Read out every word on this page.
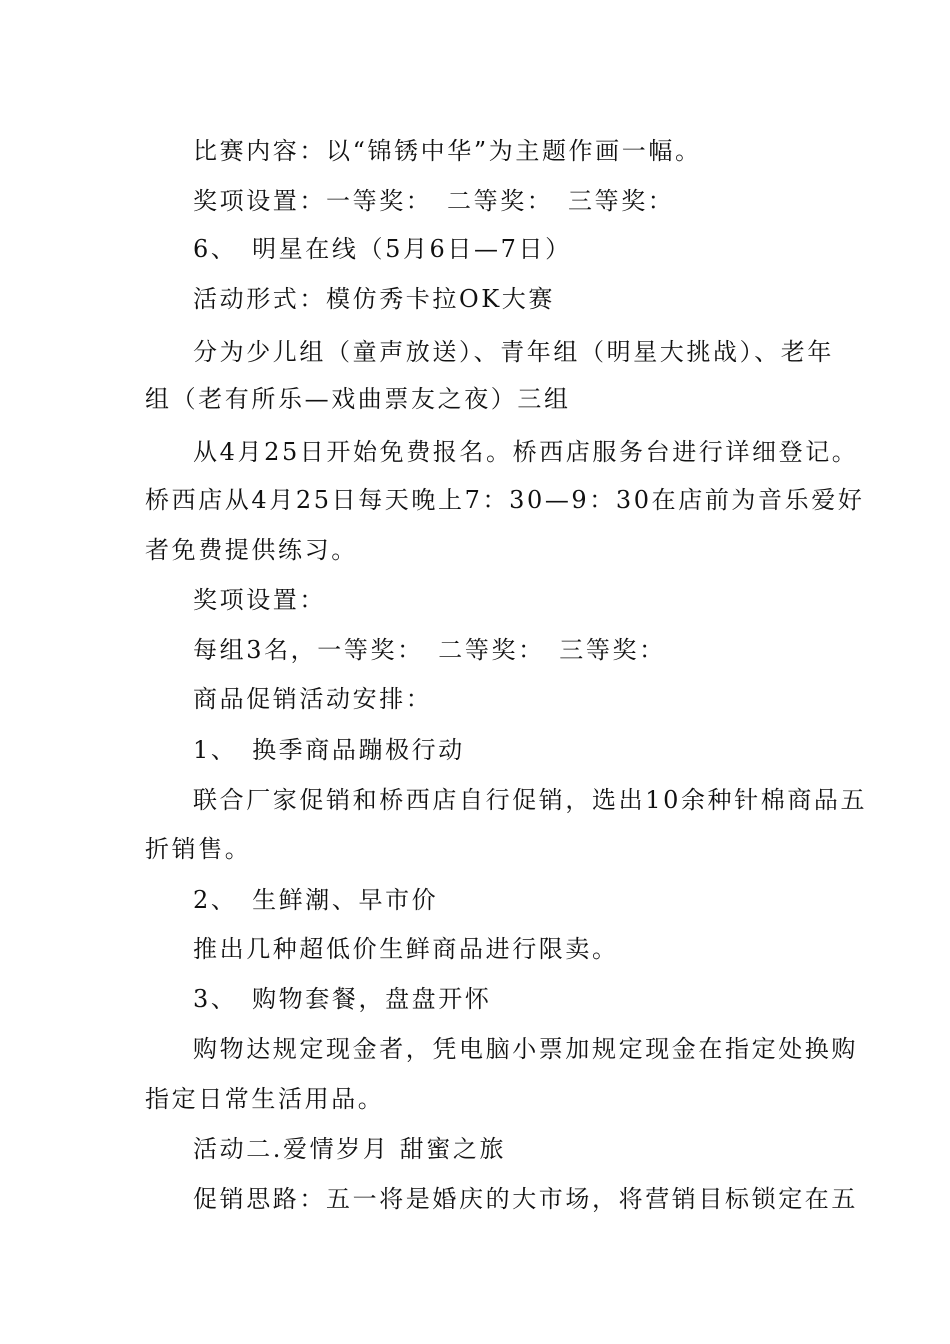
比赛内容：以“锦锈中华”为主题作画一幅。
奖项设置：一等奖：　二等奖：　三等奖：
6、　明星在线（5月6日—7日）
活动形式：模仿秀卡拉OK大赛
分为少儿组（童声放送）、青年组（明星大挑战）、老年
组（老有所乐—戏曲票友之夜）三组
从4月25日开始免费报名。桥西店服务台进行详细登记。
桥西店从4月25日每天晚上7：30—9：30在店前为音乐爱好
者免费提供练习。
奖项设置：
每组3名，一等奖：　二等奖：　三等奖：
商品促销活动安排：
1、　换季商品蹦极行动
联合厂家促销和桥西店自行促销，选出10余种针棉商品五
折销售。
2、　生鲜潮、早市价
推出几种超低价生鲜商品进行限卖。
3、　购物套餐，盘盘开怀
购物达规定现金者，凭电脑小票加规定现金在指定处换购
指定日常生活用品。
活动二.爱情岁月 甜蜜之旅
促销思路：五一将是婚庆的大市场，将营销目标锁定在五
